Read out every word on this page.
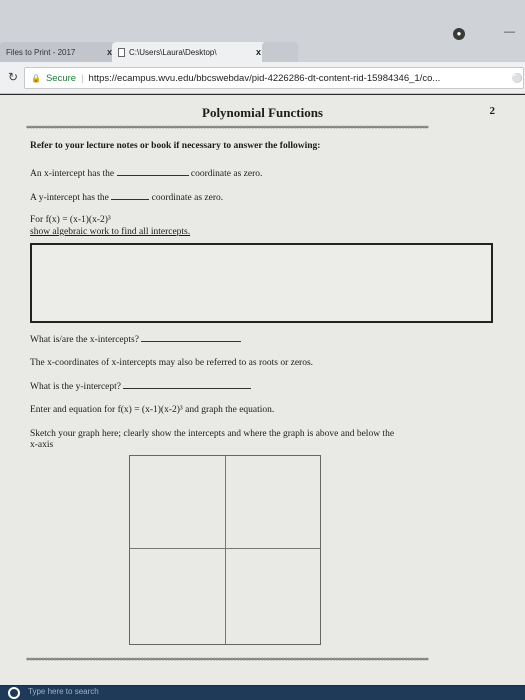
Files to Print - 2017	x C:\Users\Laura\Desktop\	x
●	—
↻ 🔒 Secure | https://ecampus.wvu.edu/bbcswebdav/pid-4226286-dt-content-rid-15984346_1/co...	⚪
Polynomial Functions	2
**************************************************************************************************************************************
Refer to your lecture notes or book if necessary to answer the following:
An x-intercept has the	coordinate as zero.
A y-intercept has the	coordinate as zero.
For f(x) = (x-1)(x-2)³
show algebraic work to find all intercepts.
What is/are the x-intercepts?
The x-coordinates of x-intercepts may also be referred to as roots or zeros.
What is the y-intercept?
Enter and equation for f(x) = (x-1)(x-2)³ and graph the equation.
Sketch your graph here; clearly show the intercepts and where the graph is above and below the
x-axis
**************************************************************************************************************************************
Type here to search
